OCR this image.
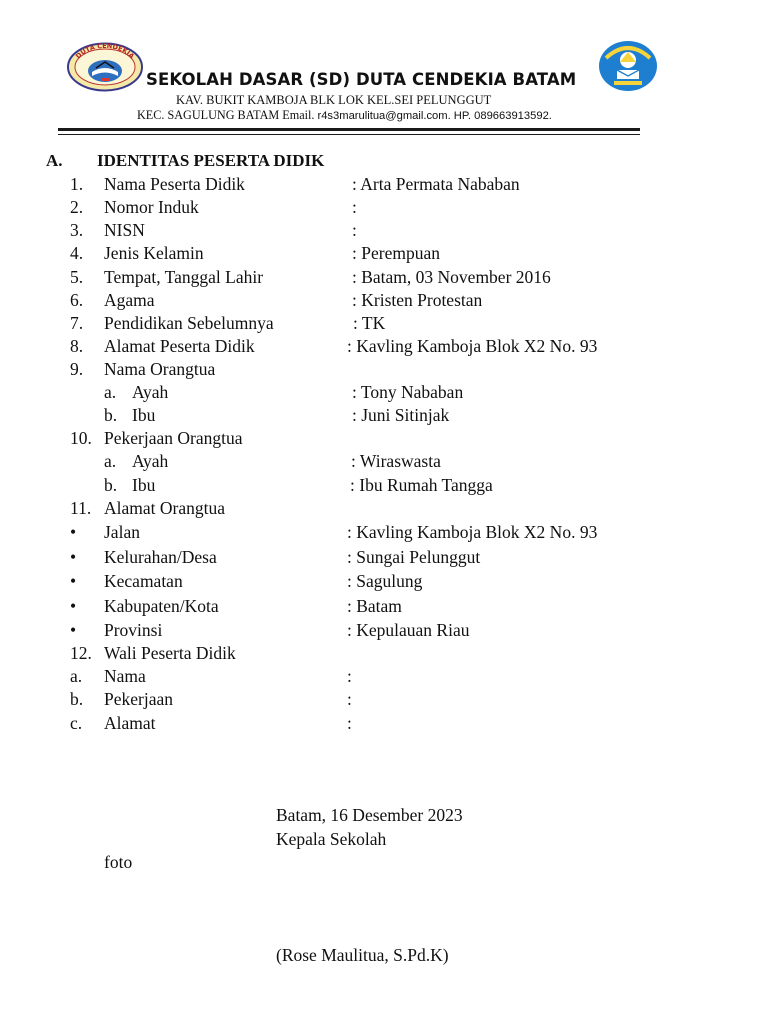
DUTA CENDEKIA
SEKOLAH DASAR (SD) DUTA CENDEKIA BATAM
KAV. BUKIT KAMBOJA BLK LOK KEL.SEI PELUNGGUT
KEC. SAGULUNG BATAM Email. r4s3marulitua@gmail.com. HP. 089663913592.
A. IDENTITAS PESERTA DIDIK
1. Nama Peserta Didik	: Arta Permata Nababan
2. Nomor Induk	:
3. NISN	:
4. Jenis Kelamin	: Perempuan
5. Tempat, Tanggal Lahir	: Batam, 03 November 2016
6. Agama	: Kristen Protestan
7. Pendidikan Sebelumnya	: TK
8. Alamat Peserta Didik	: Kavling Kamboja Blok X2 No. 93
9. Nama Orangtua
a. Ayah	: Tony Nababan
b. Ibu	: Juni Sitinjak
10. Pekerjaan Orangtua
a. Ayah	: Wiraswasta
b. Ibu	: Ibu Rumah Tangga
11. Alamat Orangtua
• Jalan	: Kavling Kamboja Blok X2 No. 93
• Kelurahan/Desa	: Sungai Pelunggut
• Kecamatan	: Sagulung
• Kabupaten/Kota	: Batam
• Provinsi	: Kepulauan Riau
12. Wali Peserta Didik
a. Nama	:
b. Pekerjaan	:
c. Alamat	:
Batam, 16 Desember 2023
Kepala Sekolah
foto
(Rose Maulitua, S.Pd.K)
